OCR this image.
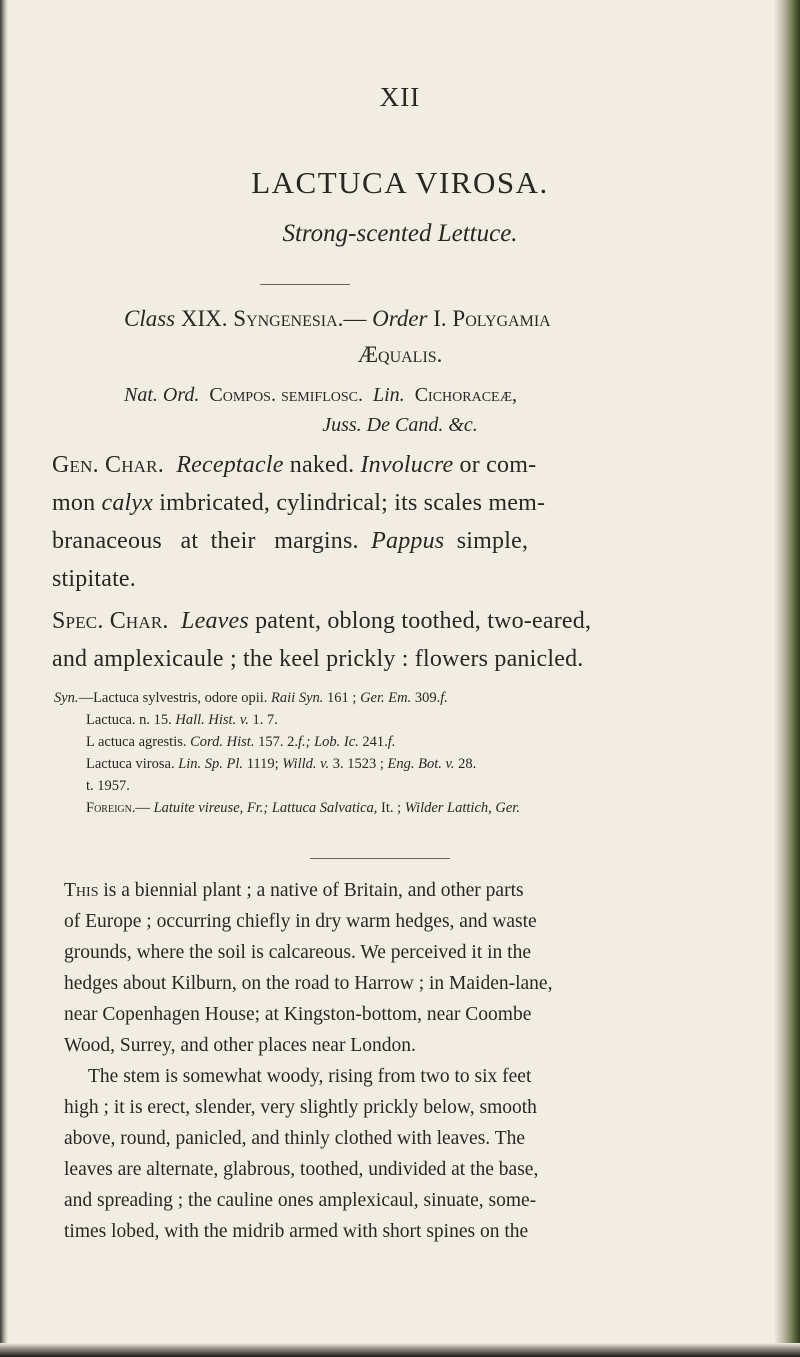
XII
LACTUCA VIROSA.
Strong-scented Lettuce.
Class XIX. Syngenesia.— Order I. Polygamia
Æqualis.
Nat. Ord. Compos. semiflosc. Lin. Cichoraceæ,
Juss. De Cand. &c.
Gen. Char. Receptacle naked. Involucre or com-
mon calyx imbricated, cylindrical; its scales mem-
branaceous   at  their   margins.  Pappus  simple,
stipitate.
Spec. Char. Leaves patent, oblong toothed, two-eared,
and amplexicaule ; the keel prickly : flowers panicled.
Syn.—Lactuca sylvestris, odore opii. Raii Syn. 161 ; Ger. Em. 309.f.
Lactuca. n. 15. Hall. Hist. v. 1. 7.
L actuca agrestis. Cord. Hist. 157. 2.f.; Lob. Ic. 241.f.
Lactuca virosa. Lin. Sp. Pl. 1119; Willd. v. 3. 1523 ; Eng. Bot. v. 28.
t. 1957.
Foreign.— Latuite vireuse, Fr.; Lattuca Salvatica, It. ; Wilder Lattich, Ger.
This is a biennial plant ; a native of Britain, and other parts
of Europe ; occurring chiefly in dry warm hedges, and waste
grounds, where the soil is calcareous. We perceived it in the
hedges about Kilburn, on the road to Harrow ; in Maiden-lane,
near Copenhagen House; at Kingston-bottom, near Coombe
Wood, Surrey, and other places near London.
The stem is somewhat woody, rising from two to six feet
high ; it is erect, slender, very slightly prickly below, smooth
above, round, panicled, and thinly clothed with leaves. The
leaves are alternate, glabrous, toothed, undivided at the base,
and spreading ; the cauline ones amplexicaul, sinuate, some-
times lobed, with the midrib armed with short spines on the
